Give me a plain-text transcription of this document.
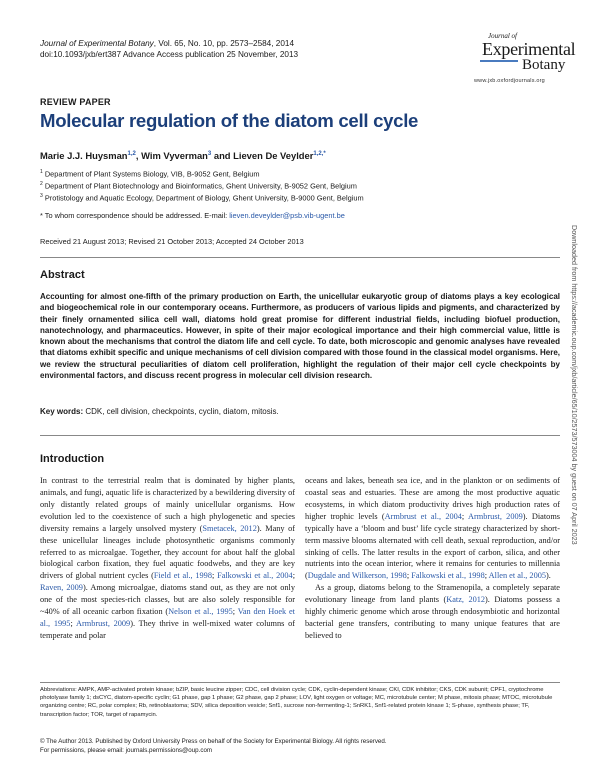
Journal of Experimental Botany, Vol. 65, No. 10, pp. 2573–2584, 2014
doi:10.1093/jxb/ert387 Advance Access publication 25 November, 2013
Journal of
Experimental
Botany
www.jxb.oxfordjournals.org
REVIEW PAPER
Molecular regulation of the diatom cell cycle
Marie J.J. Huysman$^{1,2}$, Wim Vyverman$^3$ and Lieven De Veylder$^{1,2,*}$
$^1$ Department of Plant Systems Biology, VIB, B-9052 Gent, Belgium
$^2$ Department of Plant Biotechnology and Bioinformatics, Ghent University, B-9052 Gent, Belgium
$^3$ Protistology and Aquatic Ecology, Department of Biology, Ghent University, B-9000 Gent, Belgium
* To whom correspondence should be addressed. E-mail: lieven.deveylder@psb.vib-ugent.be
Received 21 August 2013; Revised 21 October 2013; Accepted 24 October 2013
Abstract
Accounting for almost one-fifth of the primary production on Earth, the unicellular eukaryotic group of diatoms plays a key ecological and biogeochemical role in our contemporary oceans. Furthermore, as producers of various lipids and pigments, and characterized by their finely ornamented silica cell wall, diatoms hold great promise for different industrial fields, including biofuel production, nanotechnology, and pharmaceutics. However, in spite of their major ecological importance and their high commercial value, little is known about the mechanisms that control the diatom life and cell cycle. To date, both microscopic and genomic analyses have revealed that diatoms exhibit specific and unique mechanisms of cell division compared with those found in the classical model organisms. Here, we review the structural peculiarities of diatom cell proliferation, highlight the regulation of their major cell cycle checkpoints by environmental factors, and discuss recent progress in molecular cell division research.
Key words: CDK, cell division, checkpoints, cyclin, diatom, mitosis.
Introduction

In contrast to the terrestrial realm that is dominated by higher plants, animals, and fungi, aquatic life is characterized by a bewildering diversity of only distantly related groups of mainly unicellular organisms. How evolution led to the coexistence of such a high phylogenetic and species diversity remains a largely unsolved mystery (Smetacek, 2012). Many of these unicellular lineages include photosynthetic organisms commonly referred to as microalgae. Together, they account for about half the global biological carbon fixation, they fuel aquatic foodwebs, and they are key drivers of global nutrient cycles (Field et al., 1998; Falkowski et al., 2004; Raven, 2009). Among microalgae, diatoms stand out, as they are not only one of the most species-rich classes, but are also solely responsible for ~40% of all oceanic carbon fixation (Nelson et al., 1995; Van den Hoek et al., 1995; Armbrust, 2009). They thrive in well-mixed water columns of temperate and polar

oceans and lakes, beneath sea ice, and in the plankton or on sediments of coastal seas and estuaries. These are among the most productive aquatic ecosystems, in which diatom productivity drives high production rates of higher trophic levels (Armbrust et al., 2004; Armbrust, 2009). Diatoms typically have a ‘bloom and bust’ life cycle strategy characterized by short-term massive blooms alternated with cell death, sexual reproduction, and/or sinking of cells. The latter results in the export of carbon, silica, and other nutrients into the ocean interior, where it remains for centuries to millennia (Dugdale and Wilkerson, 1998; Falkowski et al., 1998; Allen et al., 2005).

As a group, diatoms belong to the Stramenopila, a completely separate evolutionary lineage from land plants (Katz, 2012). Diatoms possess a highly chimeric genome which arose through endosymbiotic and horizontal bacterial gene transfers, contributing to many unique features that are believed to

Downloaded from https://academic.oup.com/jxb/article/65/10/2573/573004 by guest on 07 April 2023
Abbreviations: AMPK, AMP-activated protein kinase; bZIP, basic leucine zipper; CDC, cell division cycle; CDK, cyclin-dependent kinase; CKI, CDK inhibitor; CKS, CDK subunit; CPF1, cryptochrome photolyase family 1; dsCYC, diatom-specific cyclin; G1 phase, gap 1 phase; G2 phase, gap 2 phase; LOV, light oxygen or voltage; MC, microtubule center; M phase, mitosis phase; MTOC, microtubule organizing centre; RC, polar complex; Rb, retinoblastoma; SDV, silica deposition vesicle; Snf1, sucrose non-fermenting-1; SnRK1, Snf1-related protein kinase 1; S-phase, synthesis phase; TF, transcription factor; TOR, target of rapamycin.
© The Author 2013. Published by Oxford University Press on behalf of the Society for Experimental Biology. All rights reserved.
For permissions, please email: journals.permissions@oup.com
